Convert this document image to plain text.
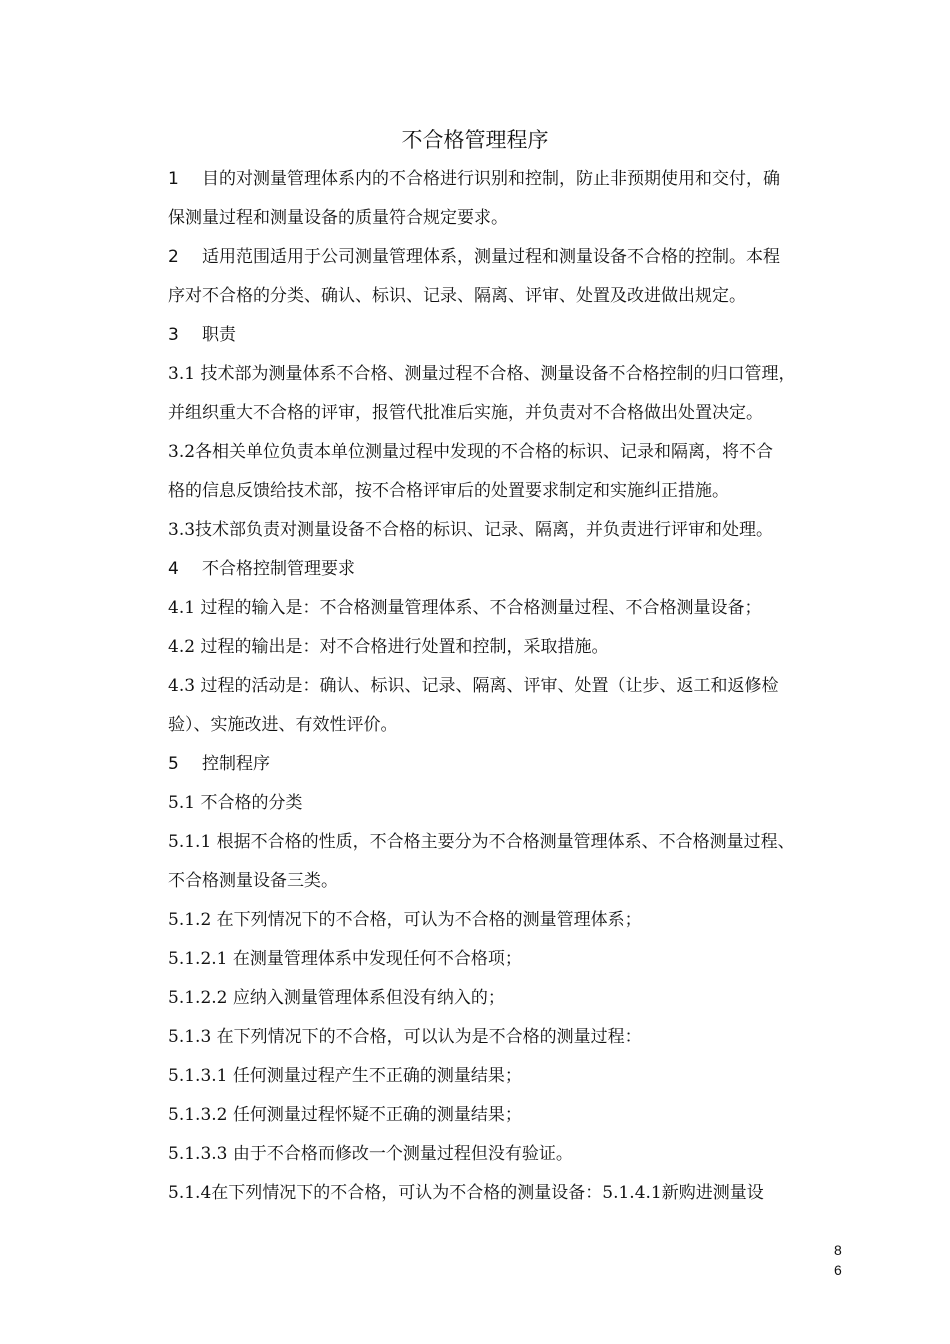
不合格管理程序
1 目的对测量管理体系内的不合格进行识别和控制，防止非预期使用和交付，确
保测量过程和测量设备的质量符合规定要求。
2 适用范围适用于公司测量管理体系，测量过程和测量设备不合格的控制。本程
序对不合格的分类、确认、标识、记录、隔离、评审、处置及改进做出规定。
3 职责
3.1 技术部为测量体系不合格、测量过程不合格、测量设备不合格控制的归口管理，
并组织重大不合格的评审，报管代批准后实施，并负责对不合格做出处置决定。
3.2各相关单位负责本单位测量过程中发现的不合格的标识、记录和隔离，将不合
格的信息反馈给技术部，按不合格评审后的处置要求制定和实施纠正措施。
3.3技术部负责对测量设备不合格的标识、记录、隔离，并负责进行评审和处理。
4 不合格控制管理要求
4.1 过程的输入是：不合格测量管理体系、不合格测量过程、不合格测量设备；
4.2 过程的输出是：对不合格进行处置和控制，采取措施。
4.3 过程的活动是：确认、标识、记录、隔离、评审、处置（让步、返工和返修检
验）、实施改进、有效性评价。
5 控制程序
5.1 不合格的分类
5.1.1 根据不合格的性质，不合格主要分为不合格测量管理体系、不合格测量过程、
不合格测量设备三类。
5.1.2 在下列情况下的不合格，可认为不合格的测量管理体系；
5.1.2.1 在测量管理体系中发现任何不合格项；
5.1.2.2 应纳入测量管理体系但没有纳入的；
5.1.3 在下列情况下的不合格，可以认为是不合格的测量过程：
5.1.3.1 任何测量过程产生不正确的测量结果；
5.1.3.2 任何测量过程怀疑不正确的测量结果；
5.1.3.3 由于不合格而修改一个测量过程但没有验证。
5.1.4在下列情况下的不合格，可认为不合格的测量设备：5.1.4.1新购进测量设
8
6
